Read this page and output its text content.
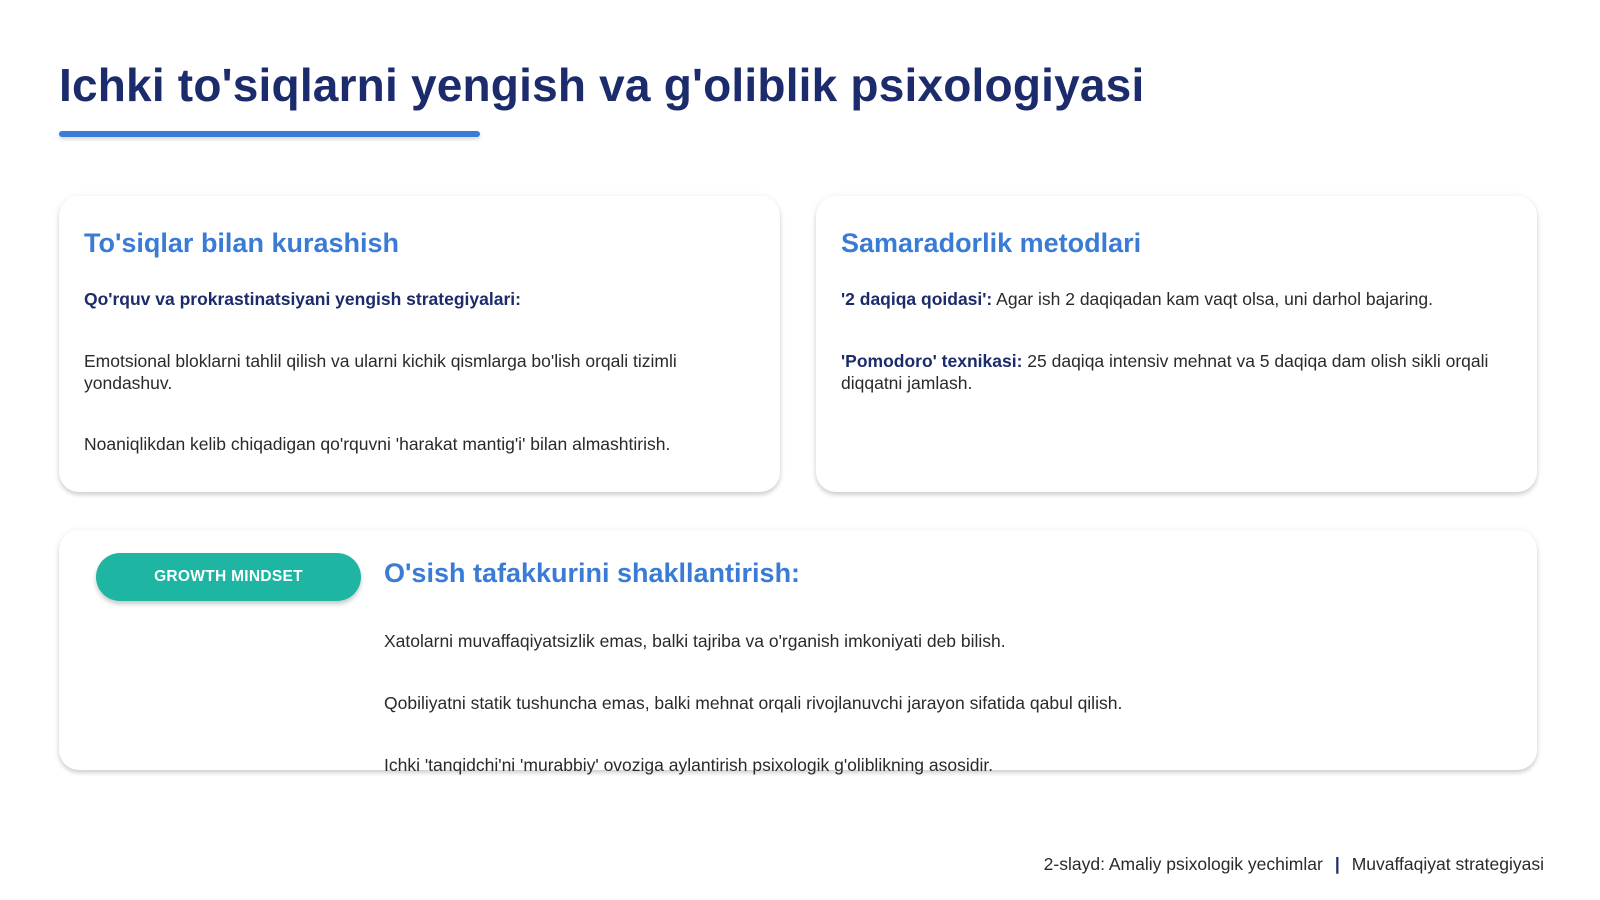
Ichki to'siqlarni yengish va g'oliblik psixologiyasi
To'siqlar bilan kurashish
Qo'rquv va prokrastinatsiyani yengish strategiyalari:
Emotsional bloklarni tahlil qilish va ularni kichik qismlarga bo'lish orqali tizimli yondashuv.
Noaniqlikdan kelib chiqadigan qo'rquvni 'harakat mantig'i' bilan almashtirish.
Samaradorlik metodlari
'2 daqiqa qoidasi': Agar ish 2 daqiqadan kam vaqt olsa, uni darhol bajaring.
'Pomodoro' texnikasi: 25 daqiqa intensiv mehnat va 5 daqiqa dam olish sikli orqali diqqatni jamlash.
GROWTH MINDSET	O'sish tafakkurini shakllantirish:
Xatolarni muvaffaqiyatsizlik emas, balki tajriba va o'rganish imkoniyati deb bilish.
Qobiliyatni statik tushuncha emas, balki mehnat orqali rivojlanuvchi jarayon sifatida qabul qilish.
Ichki 'tanqidchi'ni 'murabbiy' ovoziga aylantirish psixologik g'oliblikning asosidir.
2-slayd: Amaliy psixologik yechimlar | Muvaffaqiyat strategiyasi
